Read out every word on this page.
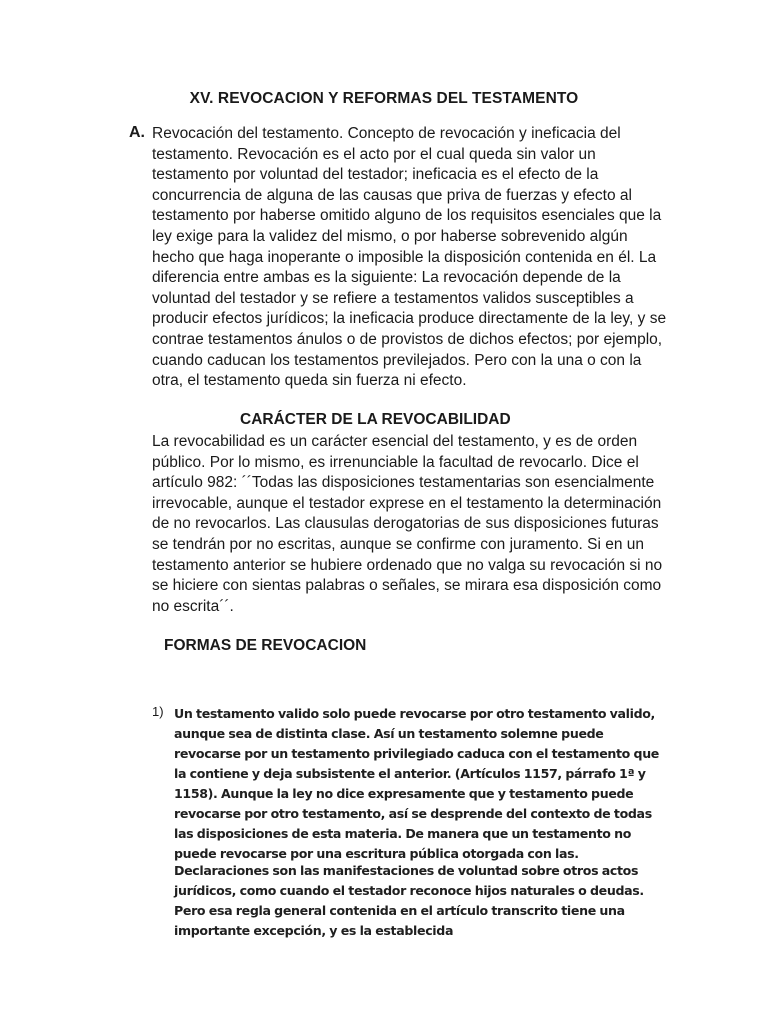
XV. REVOCACION Y REFORMAS DEL TESTAMENTO
A. Revocación del testamento. Concepto de revocación y ineficacia del testamento. Revocación es el acto por el cual queda sin valor un testamento por voluntad del testador; ineficacia es el efecto de la concurrencia de alguna de las causas que priva de fuerzas y efecto al testamento por haberse omitido alguno de los requisitos esenciales que la ley exige para la validez del mismo, o por haberse sobrevenido algún hecho que haga inoperante o imposible la disposición contenida en él. La diferencia entre ambas es la siguiente: La revocación depende de la voluntad del testador y se refiere a testamentos validos susceptibles a producir efectos jurídicos; la ineficacia produce directamente de la ley, y se contrae testamentos ánulos o de provistos de dichos efectos; por ejemplo, cuando caducan los testamentos previlejados. Pero con la una o con la otra, el testamento queda sin fuerza ni efecto.

CARÁCTER DE LA REVOCABILIDAD

La revocabilidad es un carácter esencial del testamento, y es de orden público. Por lo mismo, es irrenunciable la facultad de revocarlo. Dice el artículo 982: ´´Todas las disposiciones testamentarias son esencialmente irrevocable, aunque el testador exprese en el testamento la determinación de no revocarlos. Las clausulas derogatorias de sus disposiciones futuras se tendrán por no escritas, aunque se confirme con juramento. Si en un testamento anterior se hubiere ordenado que no valga su revocación si no se hiciere con sientas palabras o señales, se mirara esa disposición como no escrita´´.

FORMAS DE REVOCACION
1) Un testamento valido solo puede revocarse por otro testamento valido, aunque sea de distinta clase. Así un testamento solemne puede revocarse por un testamento privilegiado caduca con el testamento que la contiene y deja subsistente el anterior. (Artículos 1157, párrafo 1ª y 1158). Aunque la ley no dice expresamente que y testamento puede revocarse por otro testamento, así se desprende del contexto de todas las disposiciones de esta materia. De manera que un testamento no puede revocarse por una escritura pública otorgada con las.

Declaraciones son las manifestaciones de voluntad sobre otros actos jurídicos, como cuando el testador reconoce hijos naturales o deudas. Pero esa regla general contenida en el artículo transcrito tiene una importante excepción, y es la establecida
